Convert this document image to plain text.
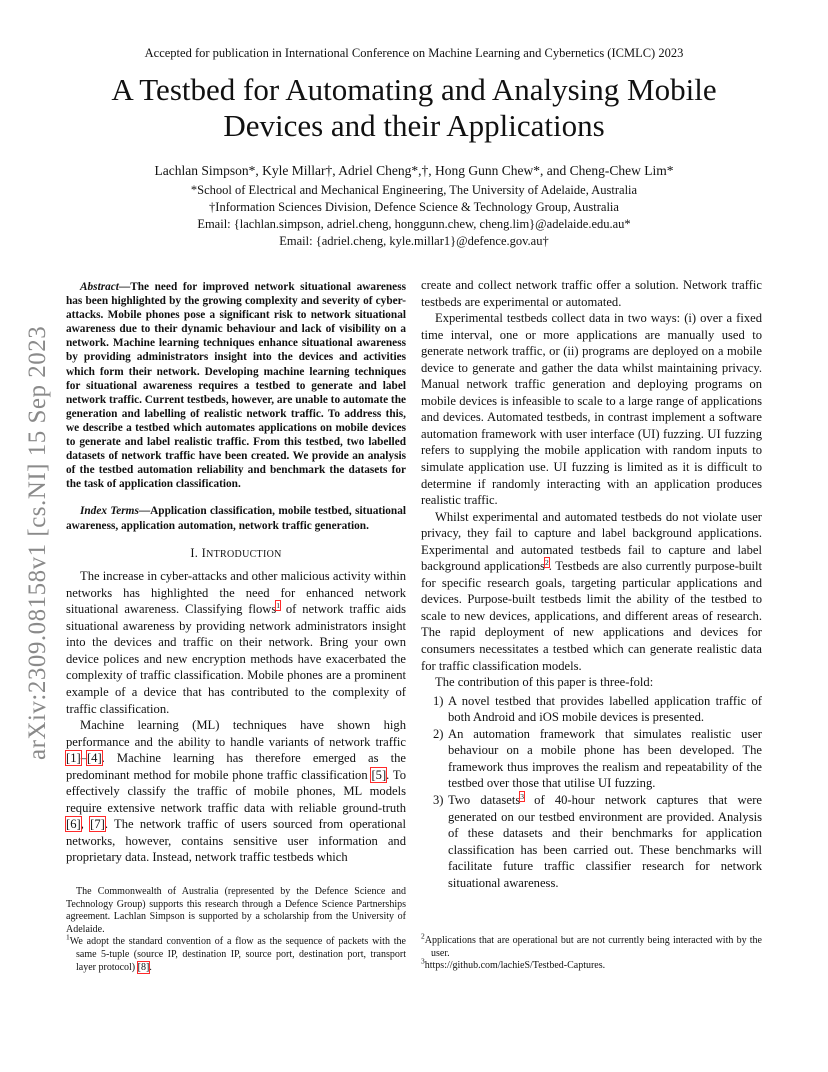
Accepted for publication in International Conference on Machine Learning and Cybernetics (ICMLC) 2023
A Testbed for Automating and Analysing Mobile
Devices and their Applications
Lachlan Simpson*, Kyle Millar†, Adriel Cheng*,†, Hong Gunn Chew*, and Cheng-Chew Lim*
*School of Electrical and Mechanical Engineering, The University of Adelaide, Australia
†Information Sciences Division, Defence Science & Technology Group, Australia
Email: {lachlan.simpson, adriel.cheng, honggunn.chew, cheng.lim}@adelaide.edu.au*
Email: {adriel.cheng, kyle.millar1}@defence.gov.au†
arXiv:2309.08158v1 [cs.NI] 15 Sep 2023

Abstract—The need for improved network situational awareness has been highlighted by the growing complexity and severity of cyber-attacks. Mobile phones pose a significant risk to network situational awareness due to their dynamic behaviour and lack of visibility on a network. Machine learning techniques enhance situational awareness by providing administrators insight into the devices and activities which form their network. Developing machine learning techniques for situational awareness requires a testbed to generate and label network traffic. Current testbeds, however, are unable to automate the generation and labelling of realistic network traffic. To address this, we describe a testbed which automates applications on mobile devices to generate and label realistic traffic. From this testbed, two labelled datasets of network traffic have been created. We provide an analysis of the testbed automation reliability and benchmark the datasets for the task of application classification.

Index Terms—Application classification, mobile testbed, situational awareness, application automation, network traffic generation.

I. INTRODUCTION

The increase in cyber-attacks and other malicious activity within networks has highlighted the need for enhanced network situational awareness. Classifying flows$^1$ of network traffic aids situational awareness by providing network administrators insight into the devices and traffic on their network. Bring your own device polices and new encryption methods have exacerbated the complexity of traffic classification. Mobile phones are a prominent example of a device that has contributed to the complexity of traffic classification.

Machine learning (ML) techniques have shown high performance and the ability to handle variants of network traffic [1]–[4]. Machine learning has therefore emerged as the predominant method for mobile phone traffic classification [5]. To effectively classify the traffic of mobile phones, ML models require extensive network traffic data with reliable ground-truth [6], [7]. The network traffic of users sourced from operational networks, however, contains sensitive user information and proprietary data. Instead, network traffic testbeds which

The Commonwealth of Australia (represented by the Defence Science and Technology Group) supports this research through a Defence Science Partnerships agreement. Lachlan Simpson is supported by a scholarship from the University of Adelaide.
$^1$We adopt the standard convention of a flow as the sequence of packets with the same 5-tuple (source IP, destination IP, source port, destination port, transport layer protocol) [8].

create and collect network traffic offer a solution. Network traffic testbeds are experimental or automated.

Experimental testbeds collect data in two ways: (i) over a fixed time interval, one or more applications are manually used to generate network traffic, or (ii) programs are deployed on a mobile device to generate and gather the data whilst maintaining privacy. Manual network traffic generation and deploying programs on mobile devices is infeasible to scale to a large range of applications and devices. Automated testbeds, in contrast implement a software automation framework with user interface (UI) fuzzing. UI fuzzing refers to supplying the mobile application with random inputs to simulate application use. UI fuzzing is limited as it is difficult to determine if randomly interacting with an application produces realistic traffic.

Whilst experimental and automated testbeds do not violate user privacy, they fail to capture and label background applications. Experimental and automated testbeds fail to capture and label background applications$^2$. Testbeds are also currently purpose-built for specific research goals, targeting particular applications and devices. Purpose-built testbeds limit the ability of the testbed to scale to new devices, applications, and different areas of research. The rapid deployment of new applications and devices for consumers necessitates a testbed which can generate realistic data for traffic classification models.

The contribution of this paper is three-fold:

1) A novel testbed that provides labelled application traffic of both Android and iOS mobile devices is presented.
2) An automation framework that simulates realistic user behaviour on a mobile phone has been developed. The framework thus improves the realism and repeatability of the testbed over those that utilise UI fuzzing.
3) Two datasets$^3$ of 40-hour network captures that were generated on our testbed environment are provided. Analysis of these datasets and their benchmarks for application classification has been carried out. These benchmarks will facilitate future traffic classifier research for network situational awareness.
$^2$Applications that are operational but are not currently being interacted with by the user.
$^3$https://github.com/lachieS/Testbed-Captures.
